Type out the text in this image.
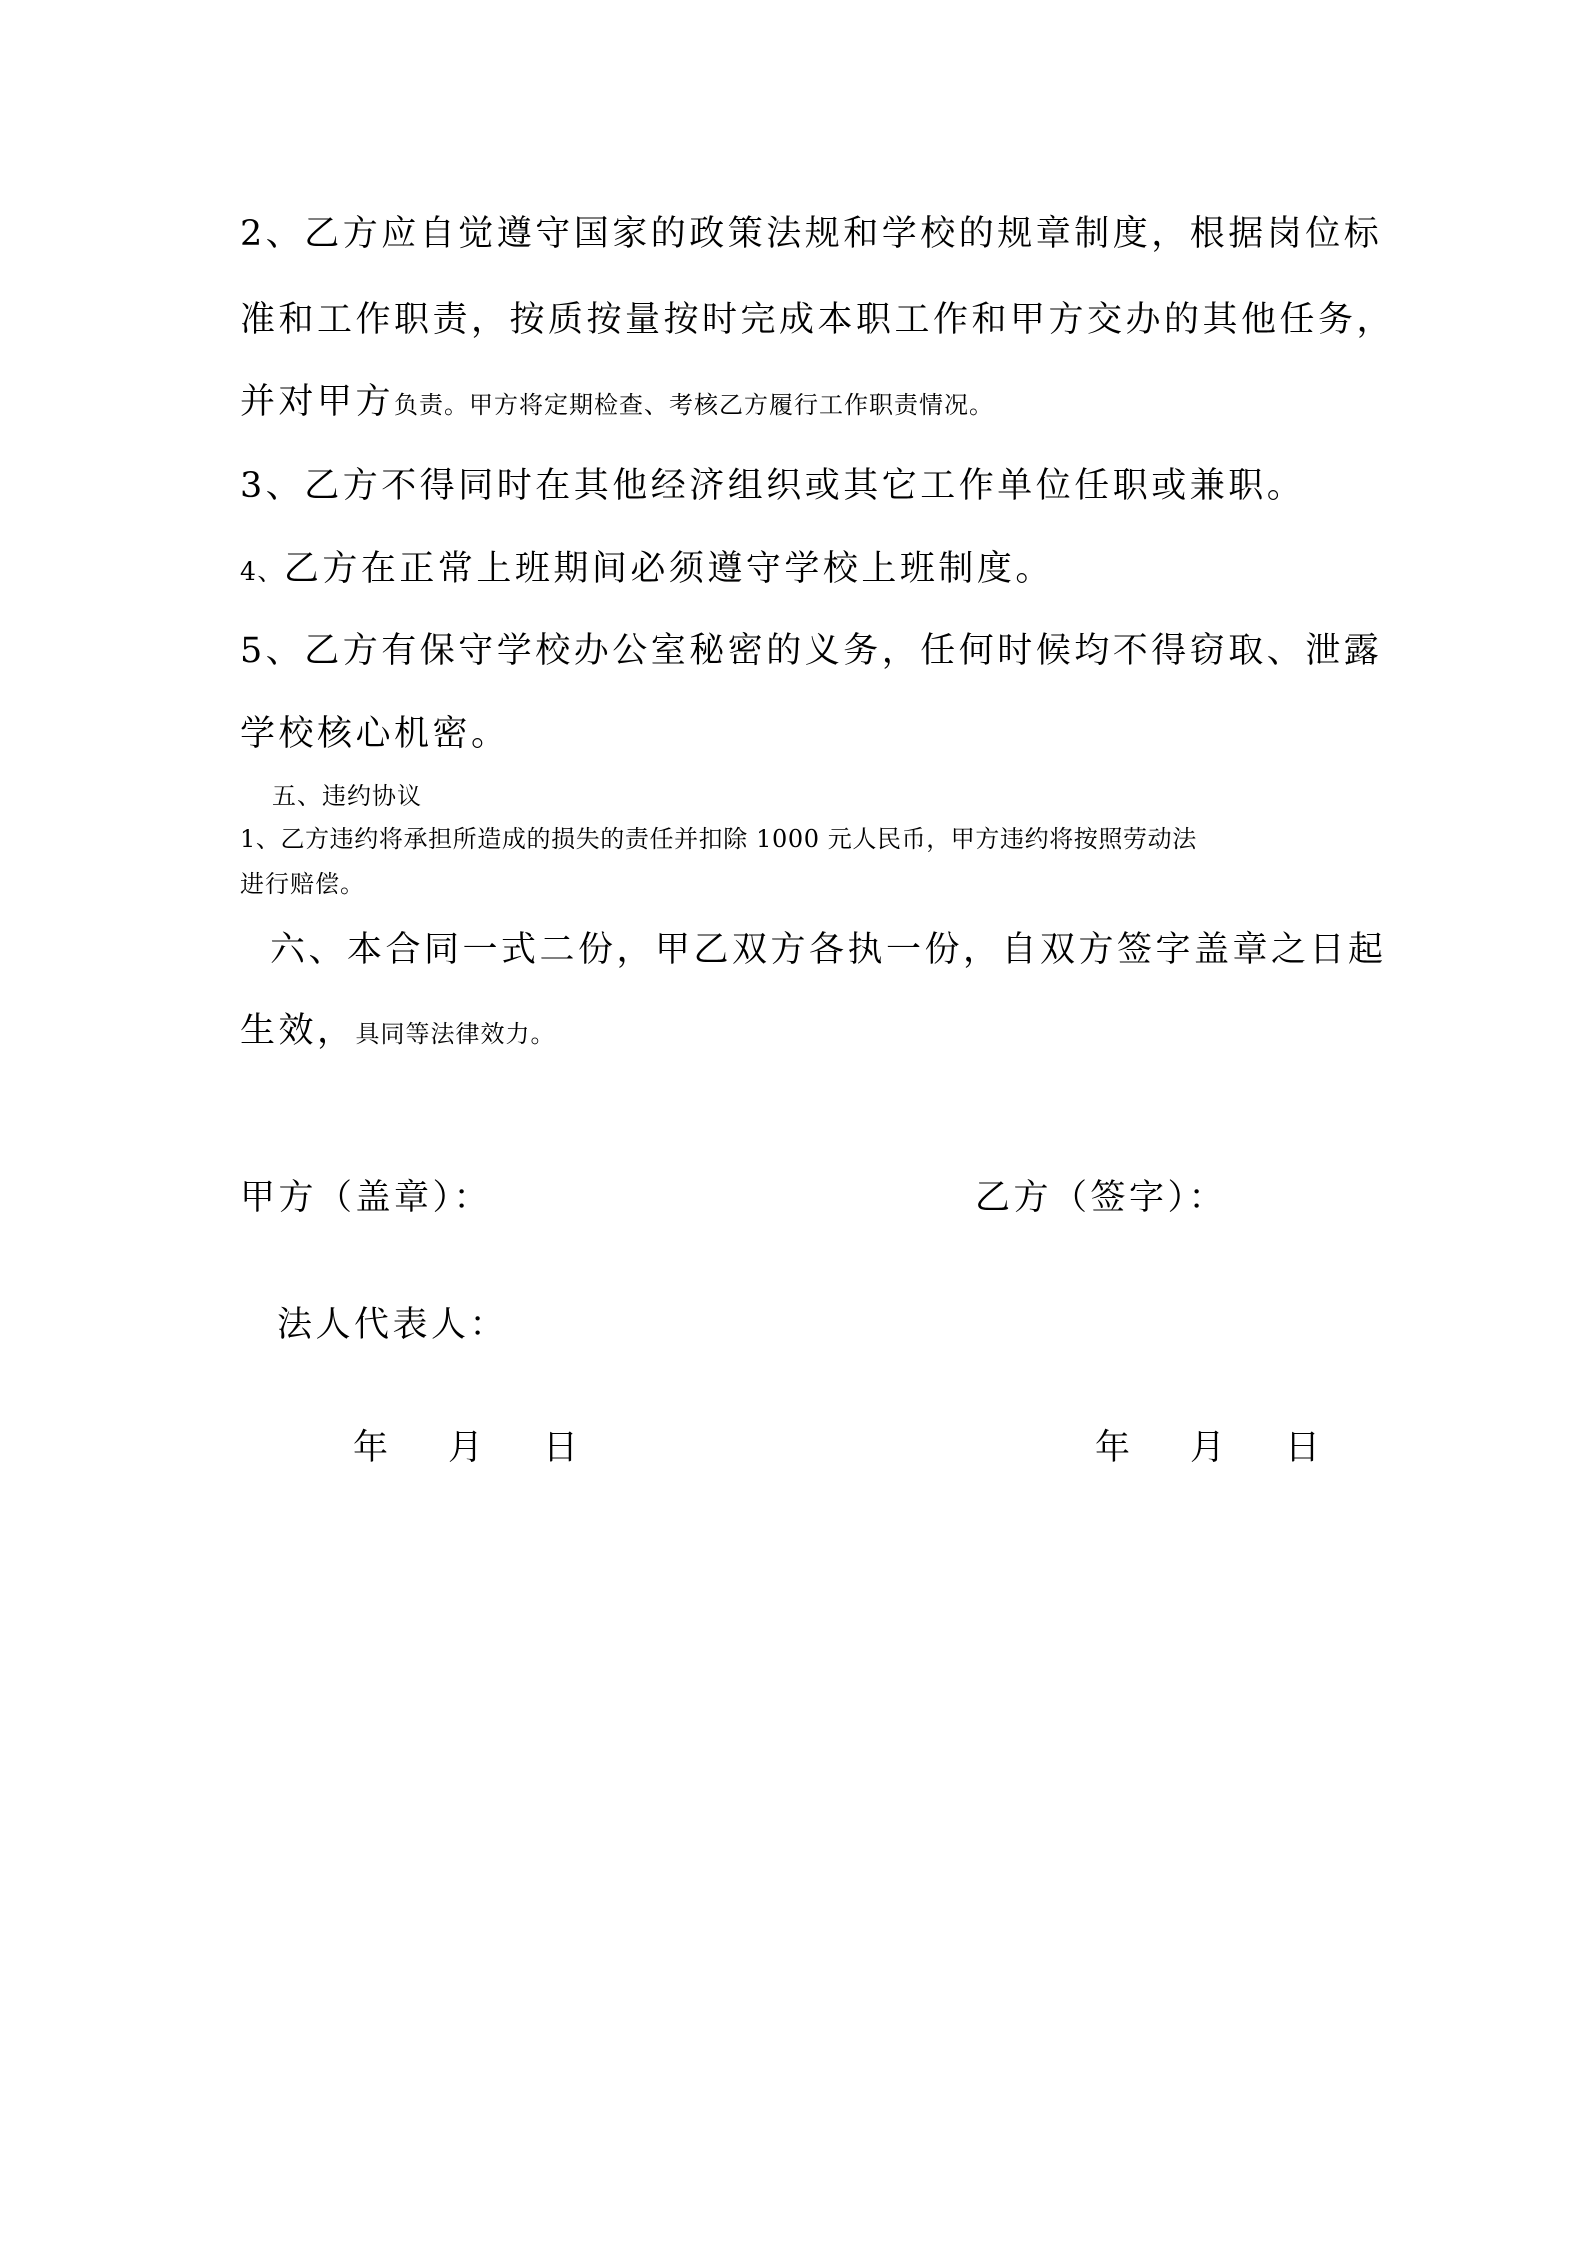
2、乙方应自觉遵守国家的政策法规和学校的规章制度，根据岗位标
准和工作职责，按质按量按时完成本职工作和甲方交办的其他任务，
并对甲方负责。甲方将定期检查、考核乙方履行工作职责情况。
3、乙方不得同时在其他经济组织或其它工作单位任职或兼职。
4、乙方在正常上班期间必须遵守学校上班制度。
5、乙方有保守学校办公室秘密的义务，任何时候均不得窃取、泄露
学校核心机密。
五、违约协议
1、乙方违约将承担所造成的损失的责任并扣除 1000 元人民币，甲方违约将按照劳动法
进行赔偿。
六、本合同一式二份，甲乙双方各执一份，自双方签字盖章之日起
生效，具同等法律效力。
甲方（盖章）：	乙方（签字）：
法人代表人：
年 月 日	年 月 日
